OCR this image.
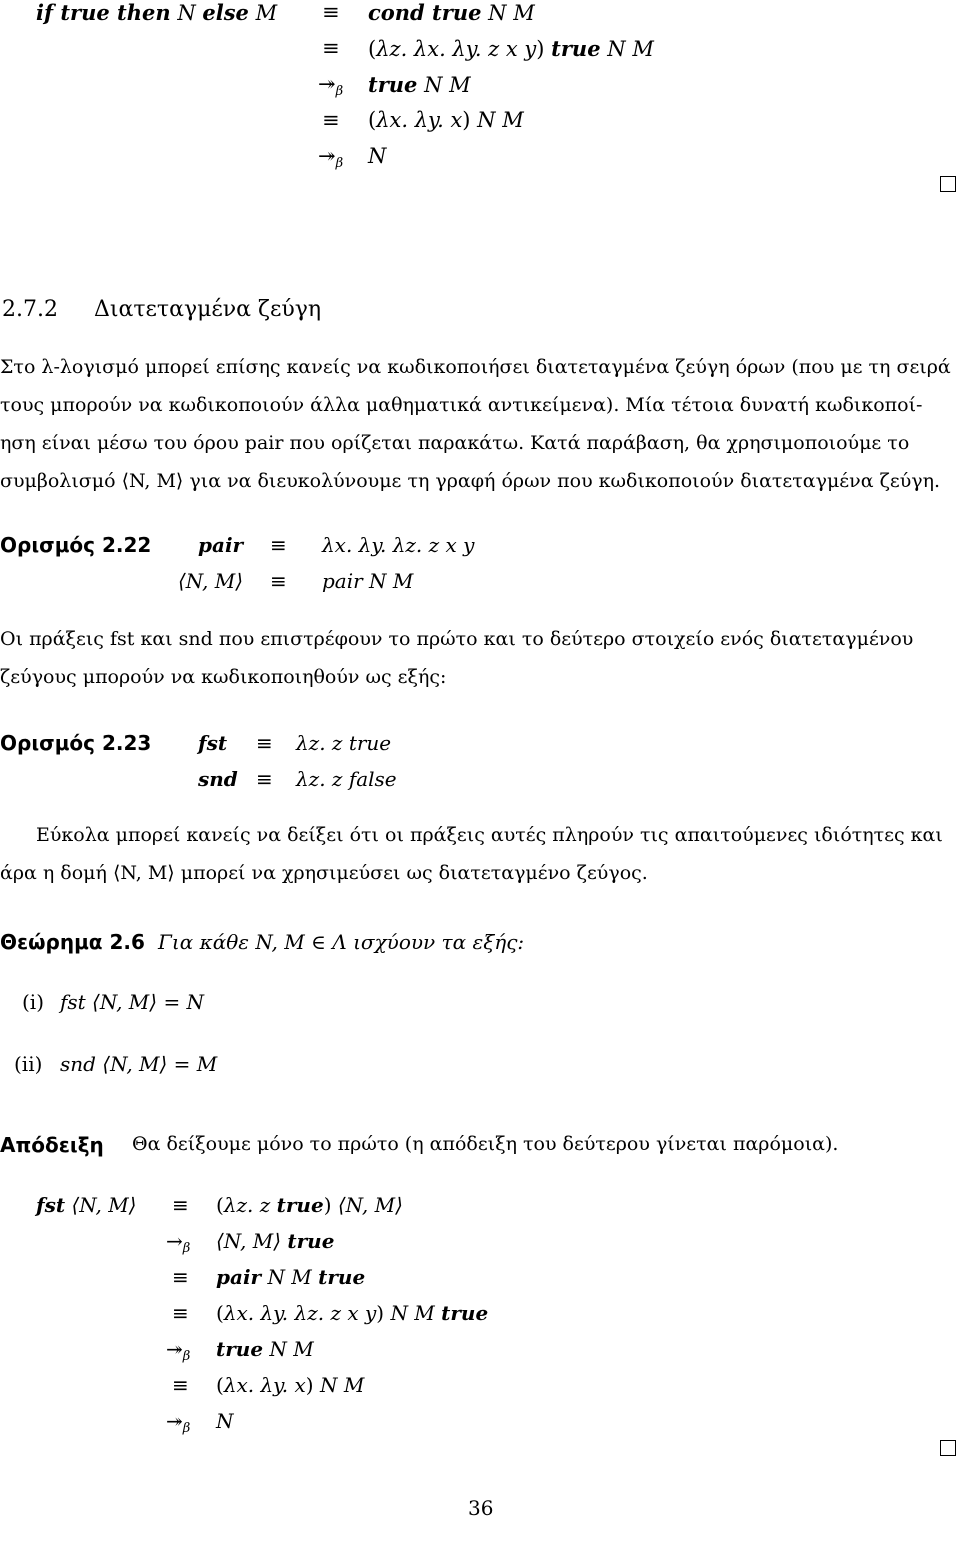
if true then N else M ≡ cond true N M
≡ (λz. λx. λy. z x y) true N M
$↠_\beta$ true N M
≡ (λx. λy. x) N M
$↠_\beta$ N
2.7.2 Διατεταγμένα ζεύγη
Στο λ-λογισμό μπορεί επίσης κανείς να κωδικοποιήσει διατεταγμένα ζεύγη όρων (που με τη σειρά
τους μπορούν να κωδικοποιούν άλλα μαθηματικά αντικείμενα). Μία τέτοια δυνατή κωδικοποί-
ηση είναι μέσω του όρου pair που ορίζεται παρακάτω. Κατά παράβαση, θα χρησιμοποιούμε το
συμβολισμό ⟨N, M⟩ για να διευκολύνουμε τη γραφή όρων που κωδικοποιούν διατεταγμένα ζεύγη.
Ορισμός 2.22 pair ≡ λx. λy. λz. z x y
⟨N, M⟩ ≡ pair N M
Οι πράξεις fst και snd που επιστρέφουν το πρώτο και το δεύτερο στοιχείο ενός διατεταγμένου
ζεύγους μπορούν να κωδικοποιηθούν ως εξής:
Ορισμός 2.23 fst ≡ λz. z true
snd ≡ λz. z false
Εύκολα μπορεί κανείς να δείξει ότι οι πράξεις αυτές πληρούν τις απαιτούμενες ιδιότητες και
άρα η δομή ⟨N, M⟩ μπορεί να χρησιμεύσει ως διατεταγμένο ζεύγος.
Θεώρημα 2.6 Για κάθε N, M ∈ Λ ισχύουν τα εξής:
(i) fst ⟨N, M⟩ = N
(ii) snd ⟨N, M⟩ = M
Απόδειξη Θα δείξουμε μόνο το πρώτο (η απόδειξη του δεύτερου γίνεται παρόμοια).
fst ⟨N, M⟩ ≡ (λz. z true) ⟨N, M⟩
$\to_\beta$ ⟨N, M⟩ true
≡ pair N M true
≡ (λx. λy. λz. z x y) N M true
$↠_\beta$ true N M
≡ (λx. λy. x) N M
$↠_\beta$ N
36
